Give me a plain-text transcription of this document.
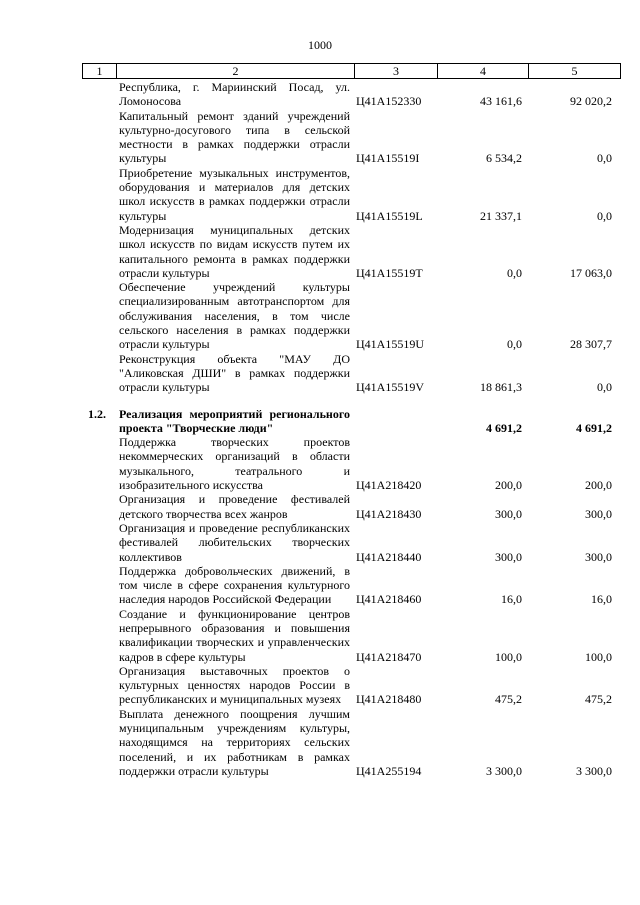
1000
1	2	3	4	5
	Республика, г. Мариинский Посад, ул. Ломоносова	Ц41А152330	43 161,6	92 020,2
	Капитальный ремонт зданий учреждений культурно-досугового типа в сельской местности в рамках поддержки отрасли культуры	Ц41А15519I	6 534,2	0,0
	Приобретение музыкальных инструментов, оборудования и материалов для детских школ искусств в рамках поддержки отрасли культуры	Ц41А15519L	21 337,1	0,0
	Модернизация муниципальных детских школ искусств по видам искусств путем их капитального ремонта в рамках поддержки отрасли культуры	Ц41А15519T	0,0	17 063,0
	Обеспечение учреждений культуры специализированным автотранспортом для обслуживания населения, в том числе сельского населения в рамках поддержки отрасли культуры	Ц41А15519U	0,0	28 307,7
	Реконструкция объекта "МАУ ДО "Аликовская ДШИ" в рамках поддержки отрасли культуры	Ц41А15519V	18 861,3	0,0

1.2.	Реализация мероприятий регионального проекта "Творческие люди"		4 691,2	4 691,2
	Поддержка творческих проектов некоммерческих организаций в области музыкального, театрального и изобразительного искусства	Ц41А218420	200,0	200,0
	Организация и проведение фестивалей детского творчества всех жанров	Ц41А218430	300,0	300,0
	Организация и проведение республиканских фестивалей любительских творческих коллективов	Ц41А218440	300,0	300,0
	Поддержка добровольческих движений, в том числе в сфере сохранения культурного наследия народов Российской Федерации	Ц41А218460	16,0	16,0
	Создание и функционирование центров непрерывного образования и повышения квалификации творческих и управленческих кадров в сфере культуры	Ц41А218470	100,0	100,0
	Организация выставочных проектов о культурных ценностях народов России в республиканских и муниципальных музеях	Ц41А218480	475,2	475,2
	Выплата денежного поощрения лучшим муниципальным учреждениям культуры, находящимся на территориях сельских поселений, и их работникам в рамках поддержки отрасли культуры	Ц41А255194	3 300,0	3 300,0
